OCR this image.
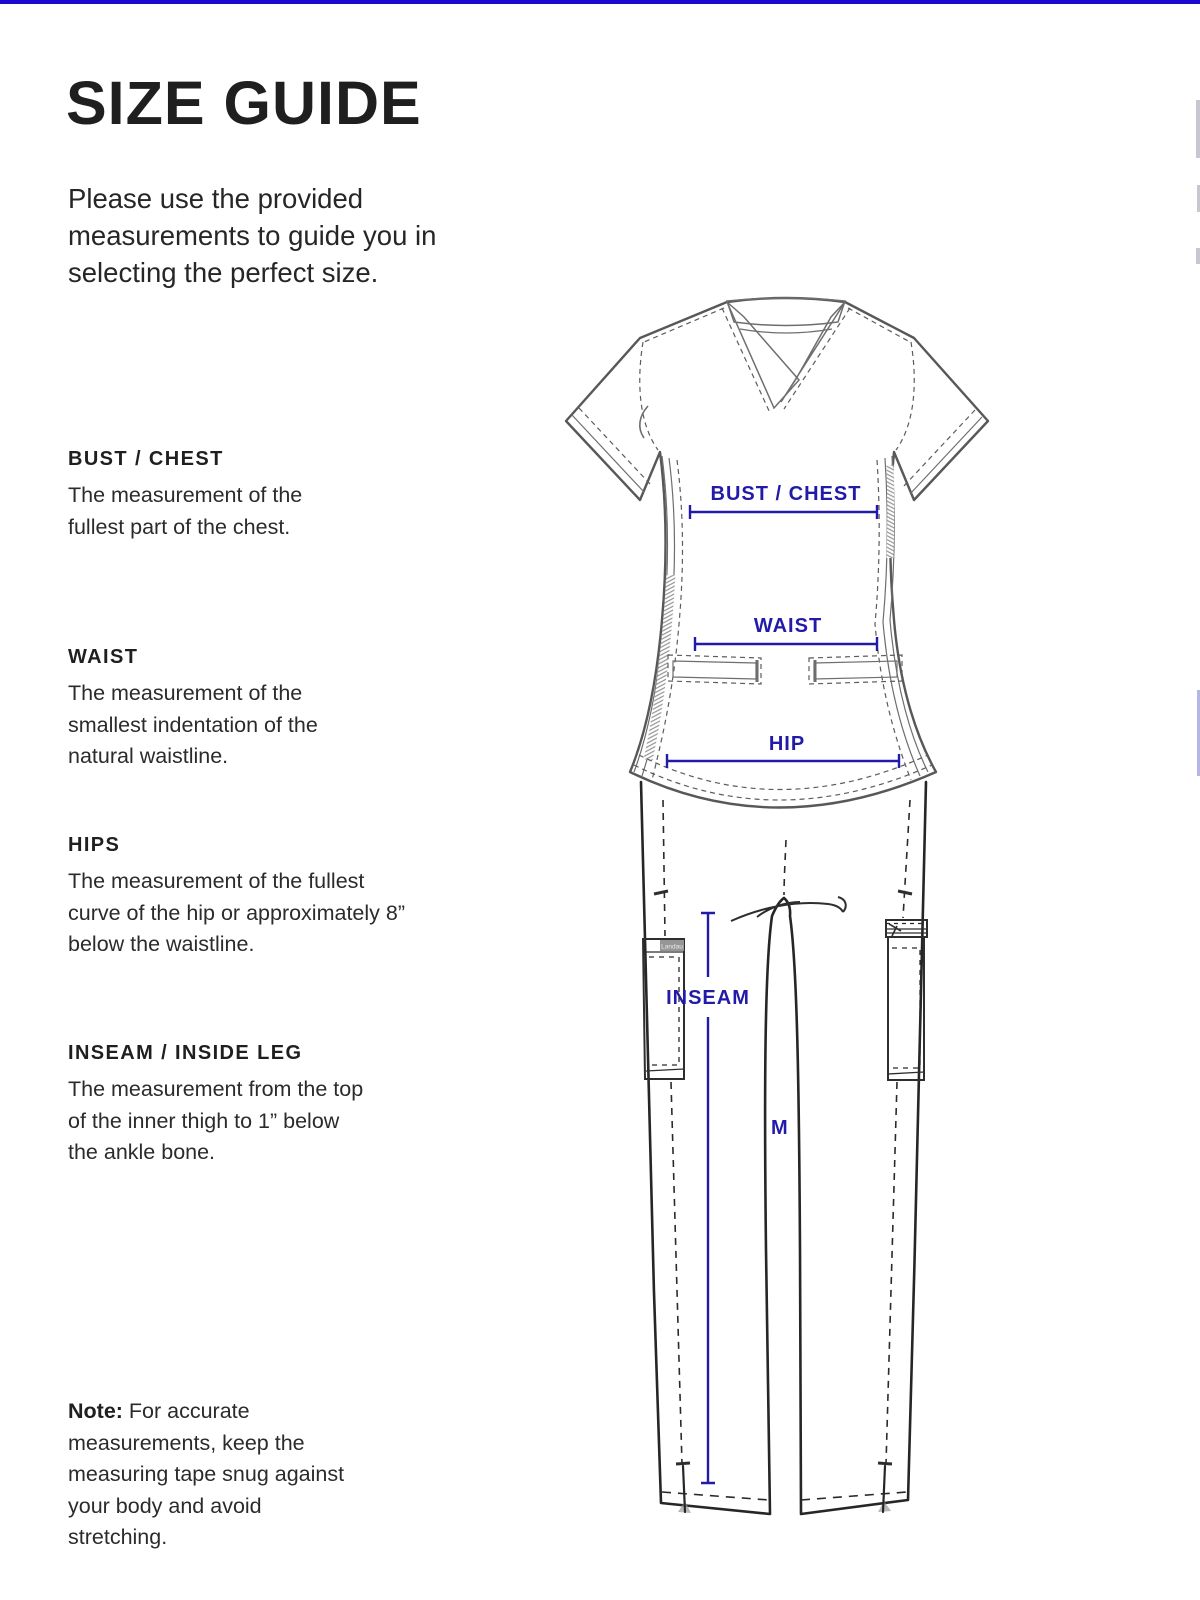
SIZE GUIDE
Please use the provided measurements to guide you in selecting the perfect size.
BUST / CHEST
The measurement of the fullest part of the chest.
WAIST
The measurement of the smallest indentation of the natural waistline.
HIPS
The measurement of the fullest curve of the hip or approximately 8” below the waistline.
INSEAM / INSIDE LEG
The measurement from the top of the inner thigh to 1” below the ankle bone.

Note: For accurate measurements, keep the measuring tape snug against your body and avoid stretching.

Landau
BUST / CHEST
WAIST
HIP
INSEAM
M
